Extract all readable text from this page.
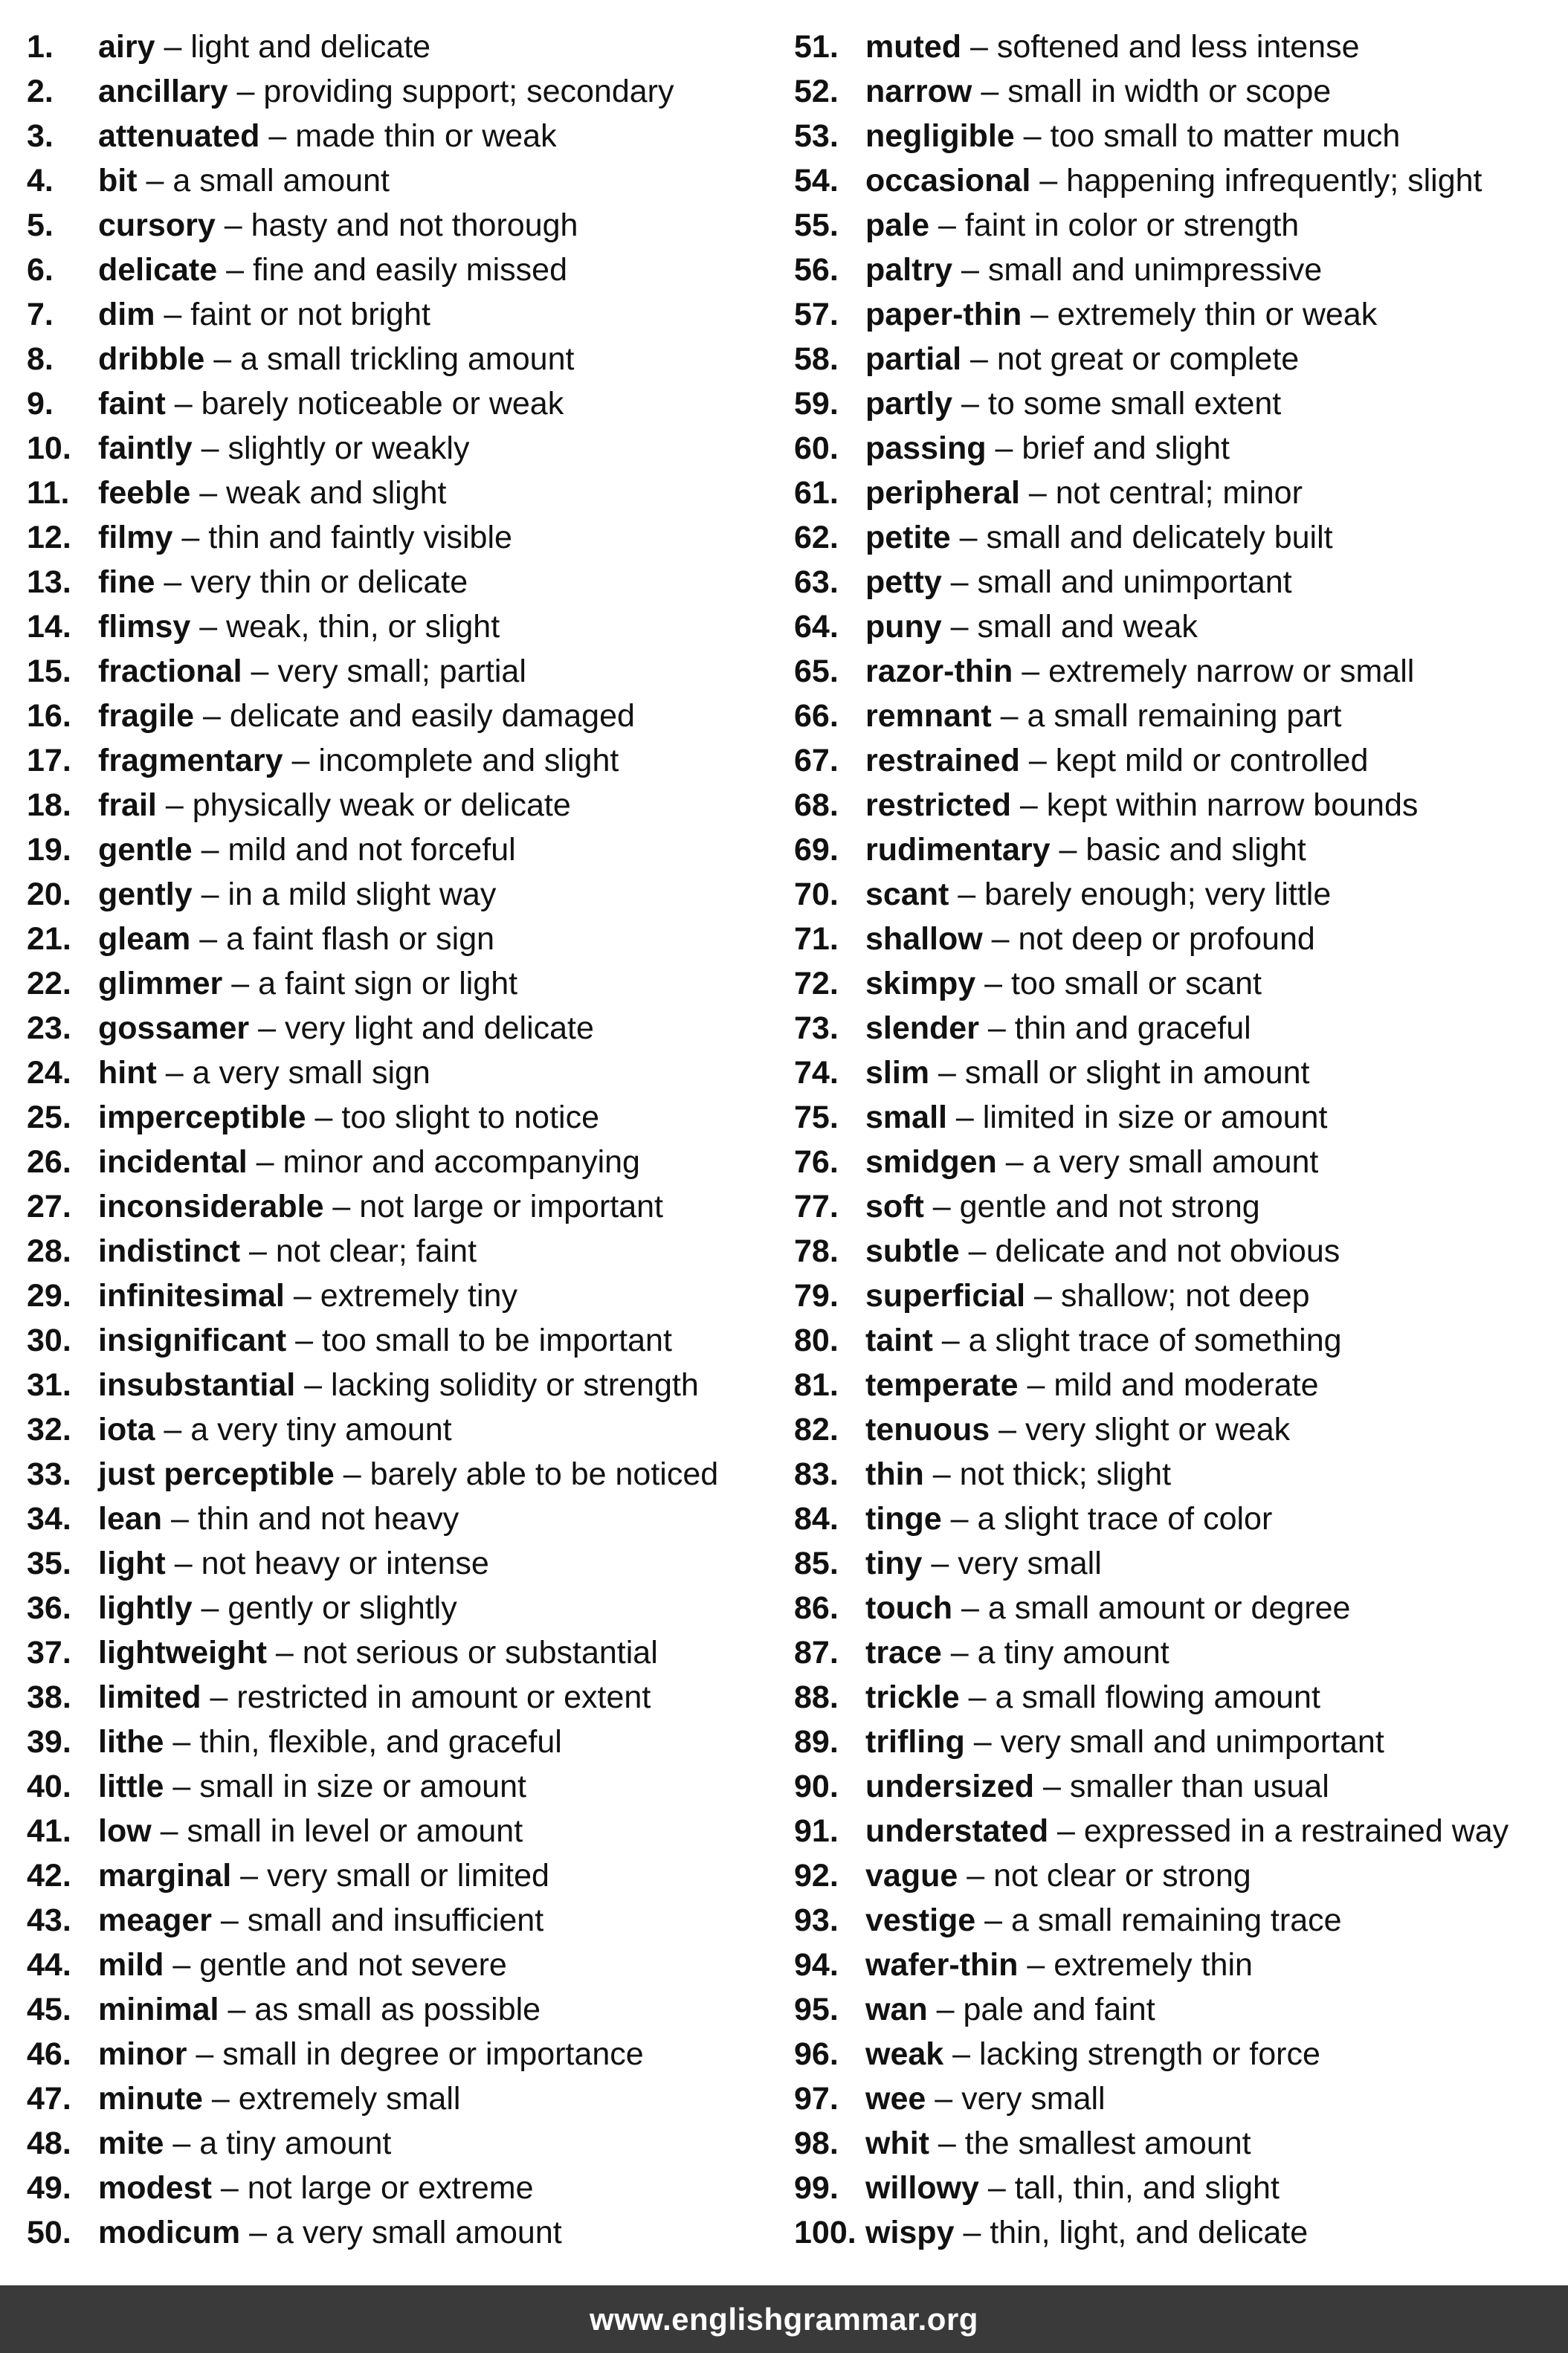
1. airy – light and delicate
2. ancillary – providing support; secondary
3. attenuated – made thin or weak
4. bit – a small amount
5. cursory – hasty and not thorough
6. delicate – fine and easily missed
7. dim – faint or not bright
8. dribble – a small trickling amount
9. faint – barely noticeable or weak
10. faintly – slightly or weakly
11. feeble – weak and slight
12. filmy – thin and faintly visible
13. fine – very thin or delicate
14. flimsy – weak, thin, or slight
15. fractional – very small; partial
16. fragile – delicate and easily damaged
17. fragmentary – incomplete and slight
18. frail – physically weak or delicate
19. gentle – mild and not forceful
20. gently – in a mild slight way
21. gleam – a faint flash or sign
22. glimmer – a faint sign or light
23. gossamer – very light and delicate
24. hint – a very small sign
25. imperceptible – too slight to notice
26. incidental – minor and accompanying
27. inconsiderable – not large or important
28. indistinct – not clear; faint
29. infinitesimal – extremely tiny
30. insignificant – too small to be important
31. insubstantial – lacking solidity or strength
32. iota – a very tiny amount
33. just perceptible – barely able to be noticed
34. lean – thin and not heavy
35. light – not heavy or intense
36. lightly – gently or slightly
37. lightweight – not serious or substantial
38. limited – restricted in amount or extent
39. lithe – thin, flexible, and graceful
40. little – small in size or amount
41. low – small in level or amount
42. marginal – very small or limited
43. meager – small and insufficient
44. mild – gentle and not severe
45. minimal – as small as possible
46. minor – small in degree or importance
47. minute – extremely small
48. mite – a tiny amount
49. modest – not large or extreme
50. modicum – a very small amount
51. muted – softened and less intense
52. narrow – small in width or scope
53. negligible – too small to matter much
54. occasional – happening infrequently; slight
55. pale – faint in color or strength
56. paltry – small and unimpressive
57. paper-thin – extremely thin or weak
58. partial – not great or complete
59. partly – to some small extent
60. passing – brief and slight
61. peripheral – not central; minor
62. petite – small and delicately built
63. petty – small and unimportant
64. puny – small and weak
65. razor-thin – extremely narrow or small
66. remnant – a small remaining part
67. restrained – kept mild or controlled
68. restricted – kept within narrow bounds
69. rudimentary – basic and slight
70. scant – barely enough; very little
71. shallow – not deep or profound
72. skimpy – too small or scant
73. slender – thin and graceful
74. slim – small or slight in amount
75. small – limited in size or amount
76. smidgen – a very small amount
77. soft – gentle and not strong
78. subtle – delicate and not obvious
79. superficial – shallow; not deep
80. taint – a slight trace of something
81. temperate – mild and moderate
82. tenuous – very slight or weak
83. thin – not thick; slight
84. tinge – a slight trace of color
85. tiny – very small
86. touch – a small amount or degree
87. trace – a tiny amount
88. trickle – a small flowing amount
89. trifling – very small and unimportant
90. undersized – smaller than usual
91. understated – expressed in a restrained way
92. vague – not clear or strong
93. vestige – a small remaining trace
94. wafer-thin – extremely thin
95. wan – pale and faint
96. weak – lacking strength or force
97. wee – very small
98. whit – the smallest amount
99. willowy – tall, thin, and slight
100. wispy – thin, light, and delicate
www.englishgrammar.org
